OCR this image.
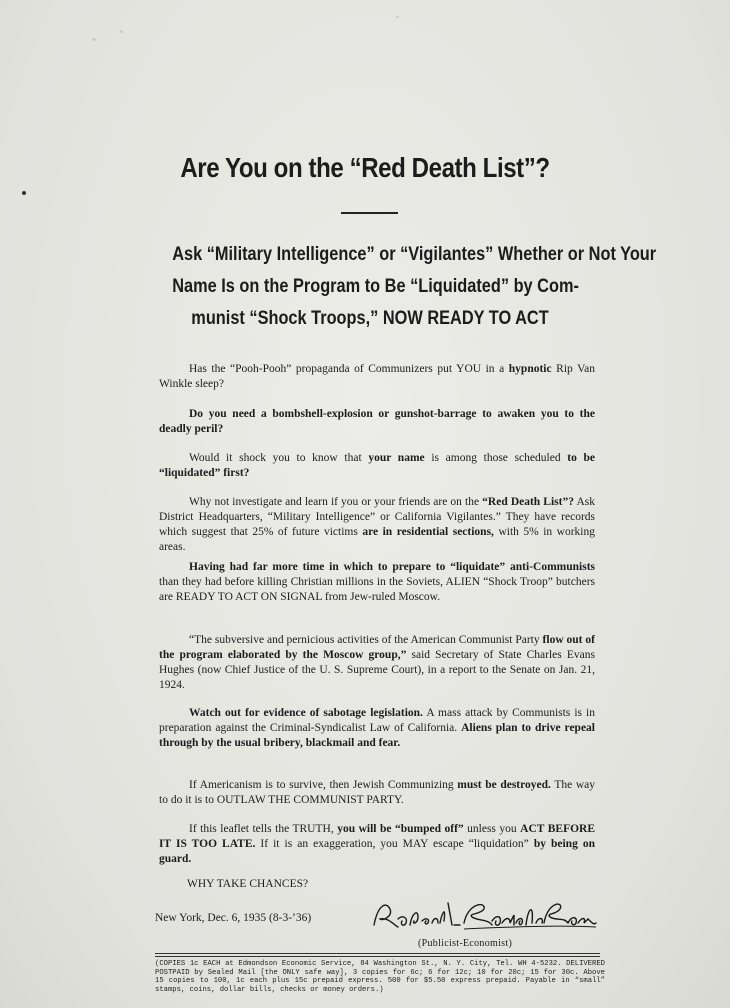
Are You on the “Red Death List”?
Ask “Military Intelligence” or “Vigilantes” Whether or Not Your
Name Is on the Program to Be “Liquidated” by Com-
munist “Shock Troops,” NOW READY TO ACT
Has the “Pooh-Pooh” propaganda of Communizers put YOU in a hypnotic Rip Van Winkle sleep?
Do you need a bombshell-explosion or gunshot-barrage to awaken you to the deadly peril?
Would it shock you to know that your name is among those scheduled to be “liquidated” first?
Why not investigate and learn if you or your friends are on the “Red Death List”? Ask District Headquarters, “Military Intelligence” or California Vigilantes.” They have records which suggest that 25% of future victims are in residential sections, with 5% in working areas.
Having had far more time in which to prepare to “liquidate” anti-Communists than they had before killing Christian millions in the Soviets, ALIEN “Shock Troop” butchers are READY TO ACT ON SIGNAL from Jew-ruled Moscow.
“The subversive and pernicious activities of the American Communist Party flow out of the program elaborated by the Moscow group,” said Secretary of State Charles Evans Hughes (now Chief Justice of the U. S. Supreme Court), in a report to the Senate on Jan. 21, 1924.
Watch out for evidence of sabotage legislation. A mass attack by Communists is in preparation against the Criminal-Syndicalist Law of California. Aliens plan to drive repeal through by the usual bribery, blackmail and fear.
If Americanism is to survive, then Jewish Communizing must be destroyed. The way to do it is to OUTLAW THE COMMUNIST PARTY.
If this leaflet tells the TRUTH, you will be “bumped off” unless you ACT BEFORE IT IS TOO LATE. If it is an exaggeration, you MAY escape “liquidation” by being on guard.
WHY TAKE CHANCES?
New York, Dec. 6, 1935 (8-3-’36)
(Publicist-Economist)
(COPIES 1c EACH at Edmondson Economic Service, 84 Washington St., N. Y. City, Tel. WH 4-5232. DELIVERED POSTPAID by Sealed Mail [the ONLY safe way], 3 copies for 6c; 6 for 12c; 10 for 20c; 15 for 30c. Above 15 copies to 100, 1c each plus 15c prepaid express. 500 for $5.50 express prepaid. Payable in “small” stamps, coins, dollar bills, checks or money orders.)
